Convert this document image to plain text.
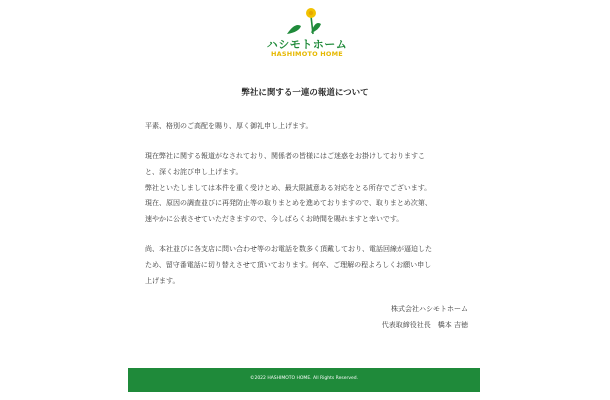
ハシモトホーム
HASHIMOTO HOME
弊社に関する一連の報道について
平素、格別のご高配を賜り、厚く御礼申し上げます。
現在弊社に関する報道がなされており、関係者の皆様にはご迷惑をお掛けしておりますこ
と、深くお詫び申し上げます。
弊社といたしましては本件を重く受けとめ、最大限誠意ある対応をとる所存でございます。
現在、原因の調査並びに再発防止等の取りまとめを進めておりますので、取りまとめ次第、
速やかに公表させていただきますので、今しばらくお時間を賜れますと幸いです。
尚、本社並びに各支店に問い合わせ等のお電話を数多く頂戴しており、電話回線が逼迫した
ため、留守番電話に切り替えさせて頂いております。何卒、ご理解の程よろしくお願い申し
上げます。
株式会社ハシモトホーム
代表取締役社長　橋本 吉徳
©2022 HASHIMOTO HOME. All Rights Reserved.
